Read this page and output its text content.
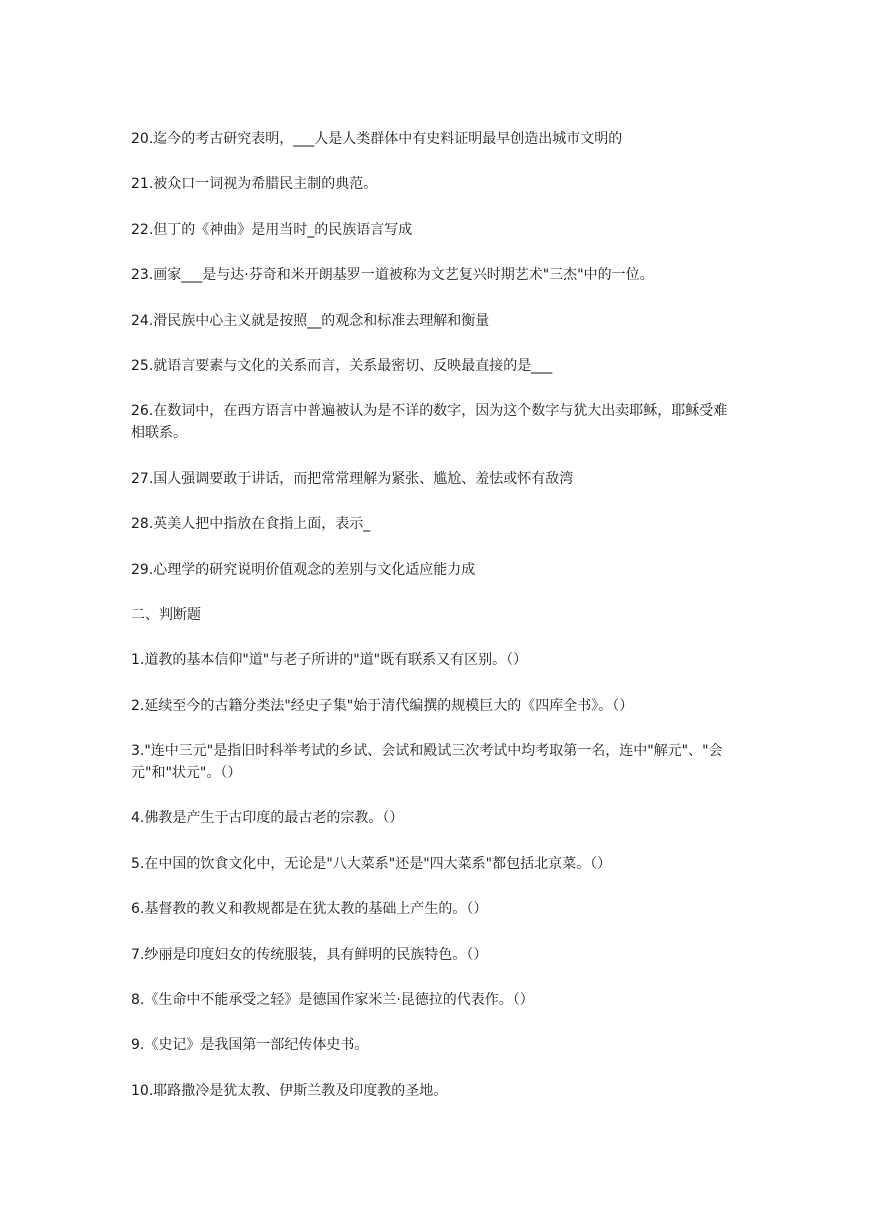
20.迄今的考古研究表明，___人是人类群体中有史料证明最早创造出城市文明的

21.被众口一词视为希腊民主制的典范。

22.但丁的《神曲》是用当时_的民族语言写成

23.画家___是与达·芬奇和米开朗基罗一道被称为文艺复兴时期艺术"三杰"中的一位。

24.滑民族中心主义就是按照__的观念和标准去理解和衡量

25.就语言要素与文化的关系而言，关系最密切、反映最直接的是___

26.在数词中，在西方语言中普遍被认为是不详的数字，因为这个数字与犹大出卖耶稣，耶稣受难相联系。

27.国人强调要敢于讲话，而把常常理解为紧张、尴尬、羞怯或怀有敌湾

28.英美人把中指放在食指上面，表示_

29.心理学的研究说明价值观念的差别与文化适应能力成

二、判断题

1.道教的基本信仰"道"与老子所讲的"道"既有联系又有区别。（）

2.延续至今的古籍分类法"经史子集"始于清代编撰的规模巨大的《四库全书》。（）

3."连中三元"是指旧时科举考试的乡试、会试和殿试三次考试中均考取第一名，连中"解元"、"会元"和"状元"。（）

4.佛教是产生于古印度的最古老的宗教。（）

5.在中国的饮食文化中，无论是"八大菜系"还是"四大菜系"都包括北京菜。（）

6.基督教的教义和教规都是在犹太教的基础上产生的。（）

7.纱丽是印度妇女的传统服装，具有鲜明的民族特色。（）

8.《生命中不能承受之轻》是德国作家米兰·昆德拉的代表作。（）

9.《史记》是我国第一部纪传体史书。

10.耶路撒冷是犹太教、伊斯兰教及印度教的圣地。
